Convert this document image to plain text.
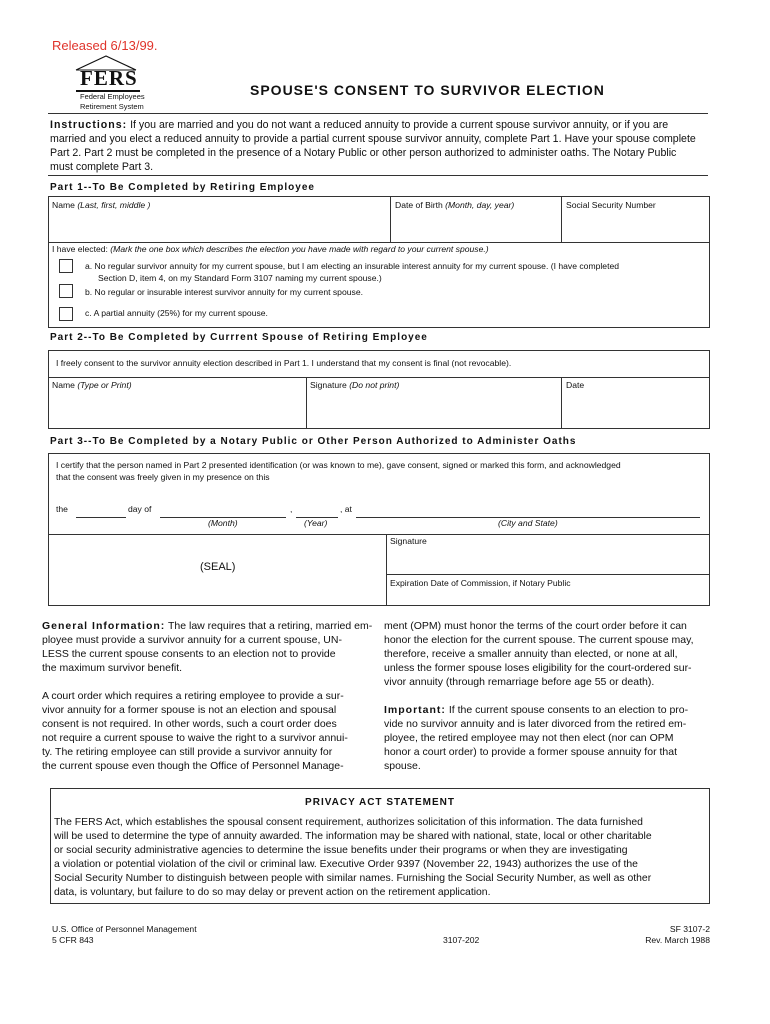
Released 6/13/99.
FERS
Federal Employees
Retirement System
SPOUSE'S CONSENT TO SURVIVOR ELECTION
Instructions: If you are married and you do not want a reduced annuity to provide a current spouse survivor annuity, or if you are married and you elect a reduced annuity to provide a partial current spouse survivor annuity, complete Part 1. Have your spouse complete Part 2. Part 2 must be completed in the presence of a Notary Public or other person authorized to administer oaths. The Notary Public must complete Part 3.
Part 1--To Be Completed by Retiring Employee
Name (Last, first, middle )	Date of Birth (Month, day, year)	Social Security Number
I have elected: (Mark the one box which describes the election you have made with regard to your current spouse.)
a. No regular survivor annuity for my current spouse, but I am electing an insurable interest annuity for my current spouse. (I have completed
Section D, item 4, on my Standard Form 3107 naming my current spouse.)
b. No regular or insurable interest survivor annuity for my current spouse.
c. A partial annuity (25%) for my current spouse.
Part 2--To Be Completed by Currrent Spouse of Retiring Employee
I freely consent to the survivor annuity election described in Part 1. I understand that my consent is final (not revocable).
Name (Type or Print)	Signature (Do not print)	Date
Part 3--To Be Completed by a Notary Public or Other Person Authorized to Administer Oaths
I certify that the person named in Part 2 presented identification (or was known to me), gave consent, signed or marked this form, and acknowledged
that the consent was freely given in my presence on this
the	day of	,	, at
(Month)	(Year)	(City and State)
Signature
(SEAL)
Expiration Date of Commission, if Notary Public
General Information: The law requires that a retiring, married em-
ployee must provide a survivor annuity for a current spouse, UN-
LESS the current spouse consents to an election not to provide
the maximum survivor benefit.
A court order which requires a retiring employee to provide a sur-
vivor annuity for a former spouse is not an election and spousal
consent is not required. In other words, such a court order does
not require a current spouse to waive the right to a survivor annui-
ty. The retiring employee can still provide a survivor annuity for
the current spouse even though the Office of Personnel Manage-
ment (OPM) must honor the terms of the court order before it can
honor the election for the current spouse. The current spouse may,
therefore, receive a smaller annuity than elected, or none at all,
unless the former spouse loses eligibility for the court-ordered sur-
vivor annuity (through remarriage before age 55 or death).
Important: If the current spouse consents to an election to pro-
vide no survivor annuity and is later divorced from the retired em-
ployee, the retired employee may not then elect (nor can OPM
honor a court order) to provide a former spouse annuity for that
spouse.
PRIVACY ACT STATEMENT
The FERS Act, which establishes the spousal consent requirement, authorizes solicitation of this information. The data furnished
will be used to determine the type of annuity awarded. The information may be shared with national, state, local or other charitable
or social security administrative agencies to determine the issue benefits under their programs or when they are investigating
a violation or potential violation of the civil or criminal law. Executive Order 9397 (November 22, 1943) authorizes the use of the
Social Security Number to distinguish between people with similar names. Furnishing the Social Security Number, as well as other
data, is voluntary, but failure to do so may delay or prevent action on the retirement application.
U.S. Office of Personnel Management
5 CFR 843	3107-202
SF 3107-2
Rev. March 1988
